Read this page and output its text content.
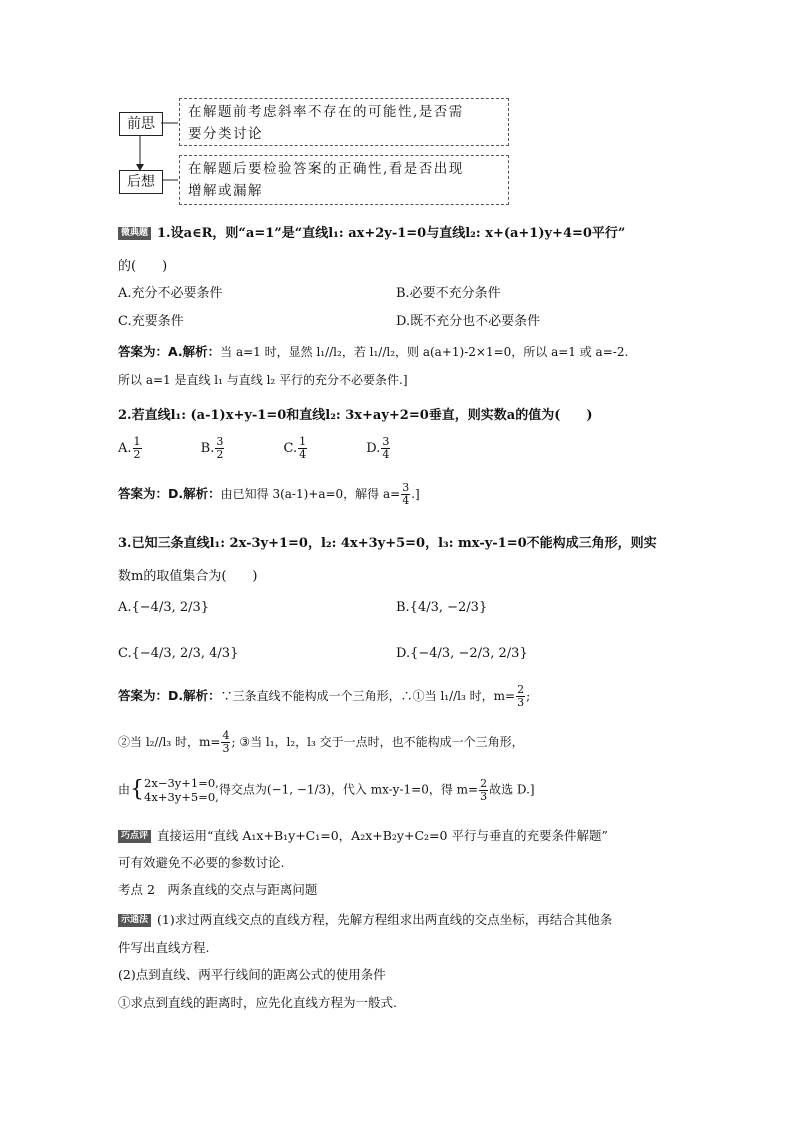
前思
在解题前考虑斜率不存在的可能性,是否需
要分类讨论
后想
在解题后要检验答案的正确性,看是否出现
增解或漏解
微典题 1.设a∈R，则“a=1”是“直线l₁: ax+2y-1=0与直线l₂: x+(a+1)y+4=0平行”
的(　　)
A.充分不必要条件	B.必要不充分条件
C.充要条件	D.既不充分也不必要条件
答案为：A.解析：当 a=1 时，显然 l₁//l₂，若 l₁//l₂，则 a(a+1)-2×1=0，所以 a=1 或 a=-2.
所以 a=1 是直线 l₁ 与直线 l₂ 平行的充分不必要条件.]
2.若直线l₁: (a-1)x+y-1=0和直线l₂: 3x+ay+2=0垂直，则实数a的值为(　　)
A. $\frac{1}{2}$	B. $\frac{3}{2}$	C. $\frac{1}{4}$	D. $\frac{3}{4}$
答案为：D.解析：由已知得 3(a-1)+a=0，解得 $a= \frac{3}{4}$ .]
3.已知三条直线l₁: 2x-3y+1=0，l₂: 4x+3y+5=0，l₃: mx-y-1=0不能构成三角形，则实
数m的取值集合为(　　)
A.{−4/3, 2/3}	B.{4/3, −2/3}
C.{−4/3, 2/3, 4/3}	D.{−4/3, −2/3, 2/3}
答案为：D.解析：∵三条直线不能构成一个三角形，∴①当 l₁//l₃ 时，$m= \frac{2}{3}$ ;
②当 l₂//l₃ 时，$m= \frac{4}{3}$ ; ③当 l₁，l₂，l₃ 交于一点时，也不能构成一个三角形，
由{ 2x−3y+1=0,
4x+3y+5=0,
得交点为(−1, −1/3)，代入 mx-y-1=0，得 $m= \frac{2}{3}$ 故选 D.]
巧点评 直接运用“直线 A₁x+B₁y+C₁=0，A₂x+B₂y+C₂=0 平行与垂直的充要条件解题”
可有效避免不必要的参数讨论.
考点 2　两条直线的交点与距离问题
示通法 (1)求过两直线交点的直线方程，先解方程组求出两直线的交点坐标，再结合其他条
件写出直线方程.
(2)点到直线、两平行线间的距离公式的使用条件
①求点到直线的距离时，应先化直线方程为一般式.
